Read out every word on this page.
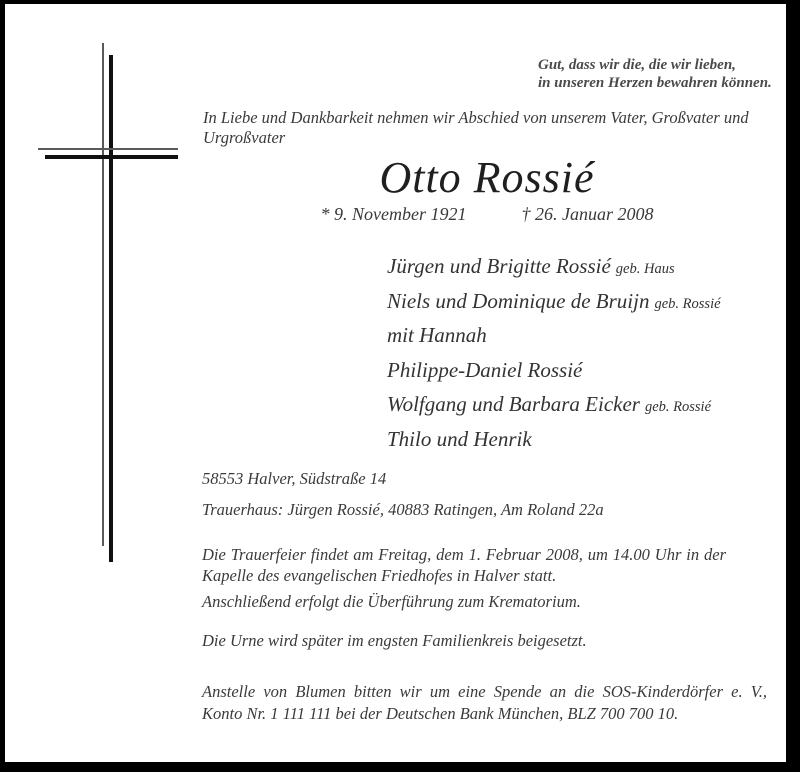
Gut, dass wir die, die wir lieben,
in unseren Herzen bewahren können.
In Liebe und Dankbarkeit nehmen wir Abschied von unserem Vater, Großvater und
Urgroßvater
Otto Rossié
* 9. November 1921	† 26. Januar 2008
Jürgen und Brigitte Rossié geb. Haus
Niels und Dominique de Bruijn geb. Rossié
mit Hannah
Philippe-Daniel Rossié
Wolfgang und Barbara Eicker geb. Rossié
Thilo und Henrik
58553 Halver, Südstraße 14
Trauerhaus: Jürgen Rossié, 40883 Ratingen, Am Roland 22a
Die Trauerfeier findet am Freitag, dem 1. Februar 2008, um 14.00 Uhr in der
Kapelle des evangelischen Friedhofes in Halver statt.
Anschließend erfolgt die Überführung zum Krematorium.
Die Urne wird später im engsten Familienkreis beigesetzt.
Anstelle von Blumen bitten wir um eine Spende an die SOS-Kinderdörfer e. V.,
Konto Nr. 1 111 111 bei der Deutschen Bank München, BLZ 700 700 10.
